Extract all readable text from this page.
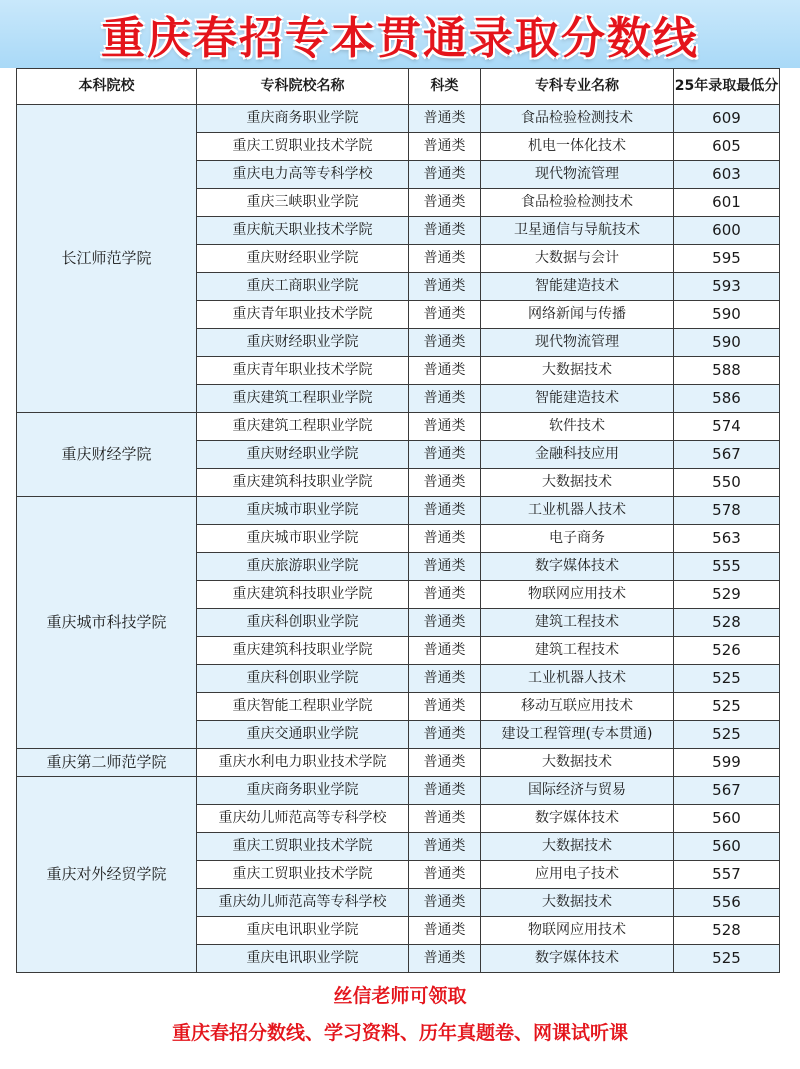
重庆春招专本贯通录取分数线
本科院校	专科院校名称	科类	专科专业名称	25年录取最低分
长江师范学院	重庆商务职业学院	普通类	食品检验检测技术	609
	重庆工贸职业技术学院	普通类	机电一体化技术	605
	重庆电力高等专科学校	普通类	现代物流管理	603
	重庆三峡职业学院	普通类	食品检验检测技术	601
	重庆航天职业技术学院	普通类	卫星通信与导航技术	600
	重庆财经职业学院	普通类	大数据与会计	595
	重庆工商职业学院	普通类	智能建造技术	593
	重庆青年职业技术学院	普通类	网络新闻与传播	590
	重庆财经职业学院	普通类	现代物流管理	590
	重庆青年职业技术学院	普通类	大数据技术	588
	重庆建筑工程职业学院	普通类	智能建造技术	586
重庆财经学院	重庆建筑工程职业学院	普通类	软件技术	574
	重庆财经职业学院	普通类	金融科技应用	567
	重庆建筑科技职业学院	普通类	大数据技术	550
重庆城市科技学院	重庆城市职业学院	普通类	工业机器人技术	578
	重庆城市职业学院	普通类	电子商务	563
	重庆旅游职业学院	普通类	数字媒体技术	555
	重庆建筑科技职业学院	普通类	物联网应用技术	529
	重庆科创职业学院	普通类	建筑工程技术	528
	重庆建筑科技职业学院	普通类	建筑工程技术	526
	重庆科创职业学院	普通类	工业机器人技术	525
	重庆智能工程职业学院	普通类	移动互联应用技术	525
	重庆交通职业学院	普通类	建设工程管理(专本贯通)	525
重庆第二师范学院	重庆水利电力职业技术学院	普通类	大数据技术	599
重庆对外经贸学院	重庆商务职业学院	普通类	国际经济与贸易	567
	重庆幼儿师范高等专科学校	普通类	数字媒体技术	560
	重庆工贸职业技术学院	普通类	大数据技术	560
	重庆工贸职业技术学院	普通类	应用电子技术	557
	重庆幼儿师范高等专科学校	普通类	大数据技术	556
	重庆电讯职业学院	普通类	物联网应用技术	528
	重庆电讯职业学院	普通类	数字媒体技术	525
丝信老师可领取
重庆春招分数线、学习资料、历年真题卷、网课试听课
